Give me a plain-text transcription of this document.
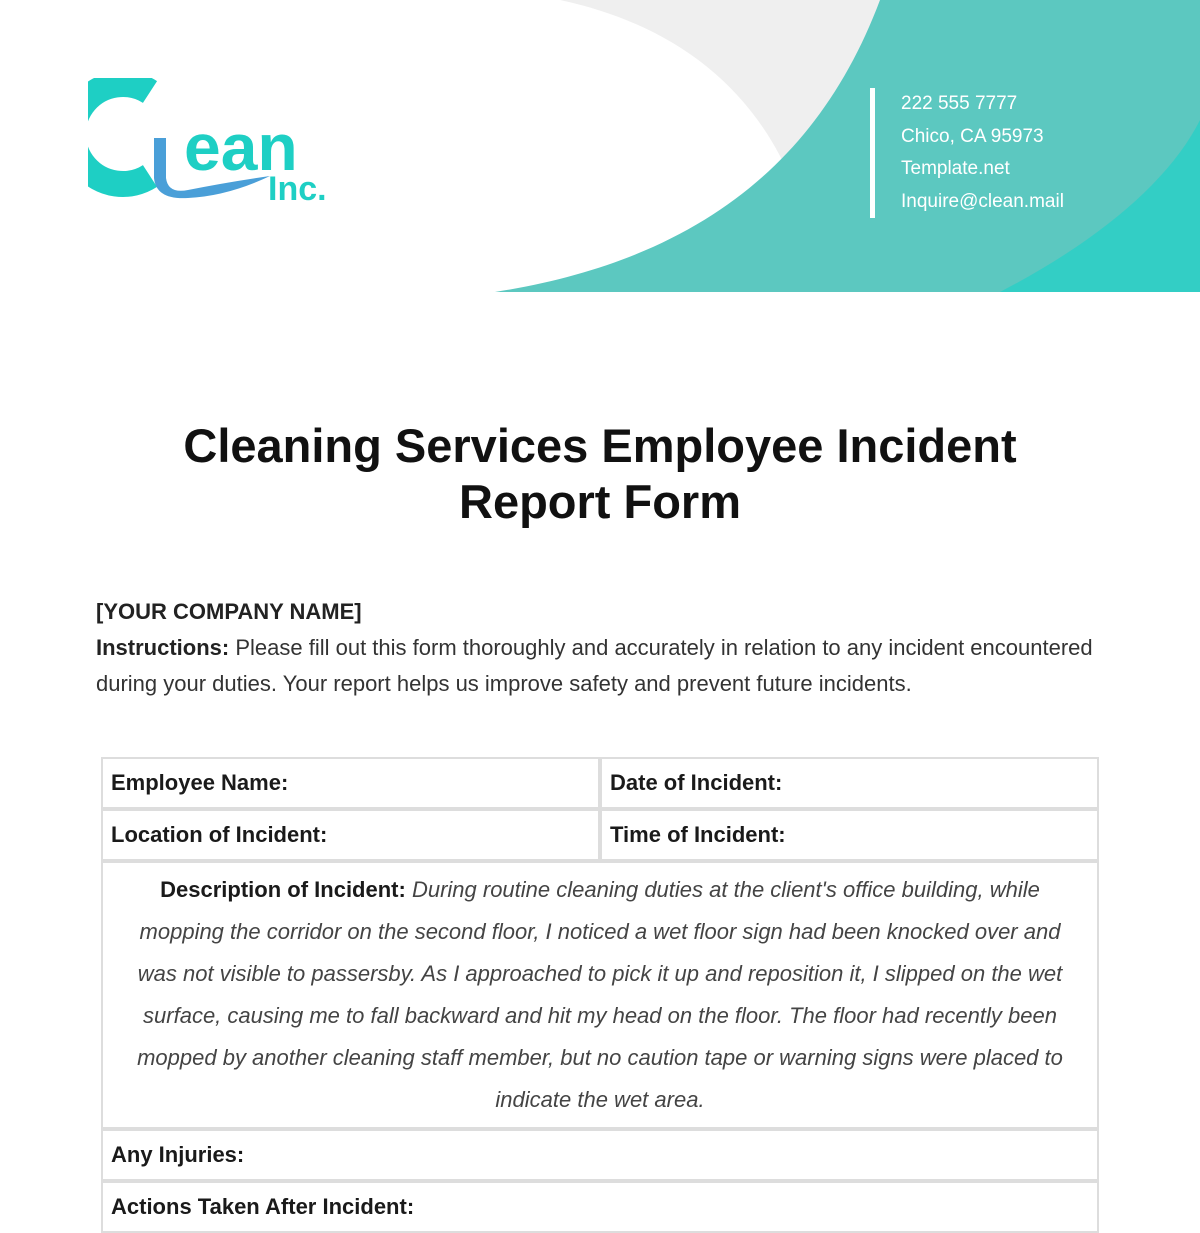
ean
Inc.
222 555 7777
Chico, CA 95973
Template.net
Inquire@clean.mail
Cleaning Services Employee Incident Report Form
[YOUR COMPANY NAME]
Instructions: Please fill out this form thoroughly and accurately in relation to any incident encountered during your duties. Your report helps us improve safety and prevent future incidents.
Employee Name:	Date of Incident:
Location of Incident:	Time of Incident:
Description of Incident: During routine cleaning duties at the client's office building, while mopping the corridor on the second floor, I noticed a wet floor sign had been knocked over and was not visible to passersby. As I approached to pick it up and reposition it, I slipped on the wet surface, causing me to fall backward and hit my head on the floor. The floor had recently been mopped by another cleaning staff member, but no caution tape or warning signs were placed to indicate the wet area.	
Any Injuries:	
Actions Taken After Incident:	
